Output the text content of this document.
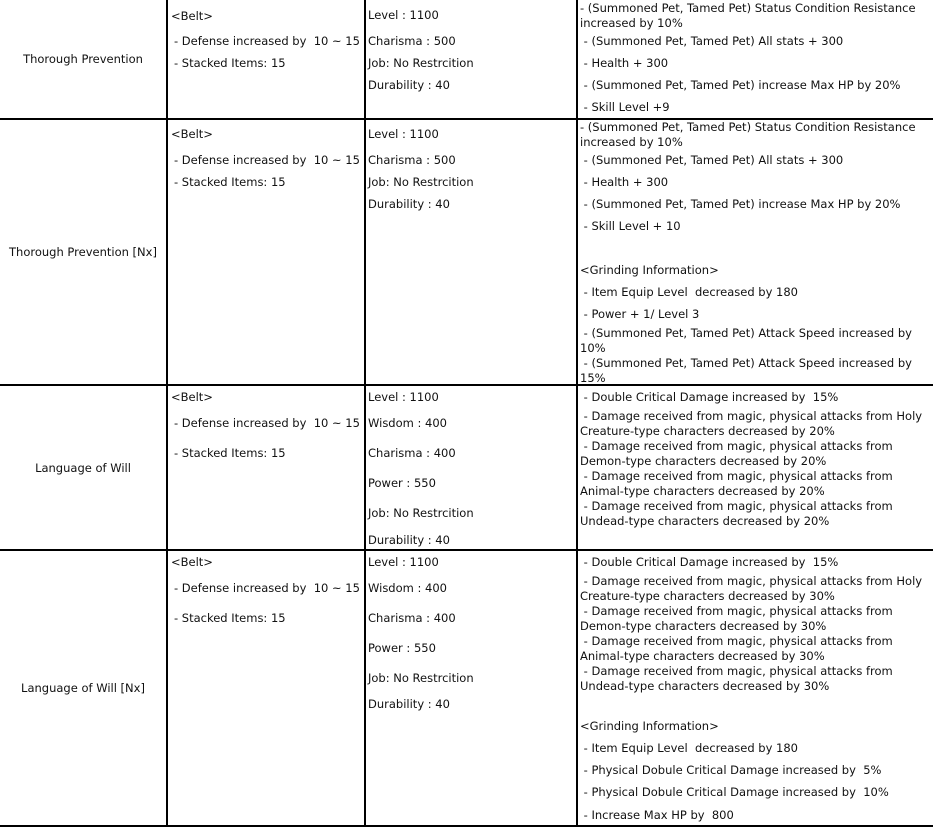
Thorough Prevention
<Belt>
- Defense increased by  10 ~ 15
- Stacked Items: 15
Level : 1100
Charisma : 500
Job: No Restrcition
Durability : 40
- (Summoned Pet, Tamed Pet) Status Condition Resistance increased by 10%
- (Summoned Pet, Tamed Pet) All stats + 300
- Health + 300
- (Summoned Pet, Tamed Pet) increase Max HP by 20%
- Skill Level +9
Thorough Prevention [Nx]
<Belt>
- Defense increased by  10 ~ 15
- Stacked Items: 15
Level : 1100
Charisma : 500
Job: No Restrcition
Durability : 40
- (Summoned Pet, Tamed Pet) Status Condition Resistance increased by 10%
- (Summoned Pet, Tamed Pet) All stats + 300
- Health + 300
- (Summoned Pet, Tamed Pet) increase Max HP by 20%
- Skill Level + 10
<Grinding Information>
- Item Equip Level  decreased by 180
- Power + 1/ Level 3
- (Summoned Pet, Tamed Pet) Attack Speed increased by 10%
- (Summoned Pet, Tamed Pet) Attack Speed increased by 15%
Language of Will
<Belt>
- Defense increased by  10 ~ 15
- Stacked Items: 15
Level : 1100
Wisdom : 400
Charisma : 400
Power : 550
Job: No Restrcition
Durability : 40
- Double Critical Damage increased by  15%
- Damage received from magic, physical attacks from Holy Creature-type characters decreased by 20%
- Damage received from magic, physical attacks from Demon-type characters decreased by 20%
- Damage received from magic, physical attacks from Animal-type characters decreased by 20%
- Damage received from magic, physical attacks from Undead-type characters decreased by 20%
Language of Will [Nx]
<Belt>
- Defense increased by  10 ~ 15
- Stacked Items: 15
Level : 1100
Wisdom : 400
Charisma : 400
Power : 550
Job: No Restrcition
Durability : 40
- Double Critical Damage increased by  15%
- Damage received from magic, physical attacks from Holy Creature-type characters decreased by 30%
- Damage received from magic, physical attacks from Demon-type characters decreased by 30%
- Damage received from magic, physical attacks from Animal-type characters decreased by 30%
- Damage received from magic, physical attacks from Undead-type characters decreased by 30%
<Grinding Information>
- Item Equip Level  decreased by 180
- Physical Dobule Critical Damage increased by  5%
- Physical Dobule Critical Damage increased by  10%
- Increase Max HP by  800
